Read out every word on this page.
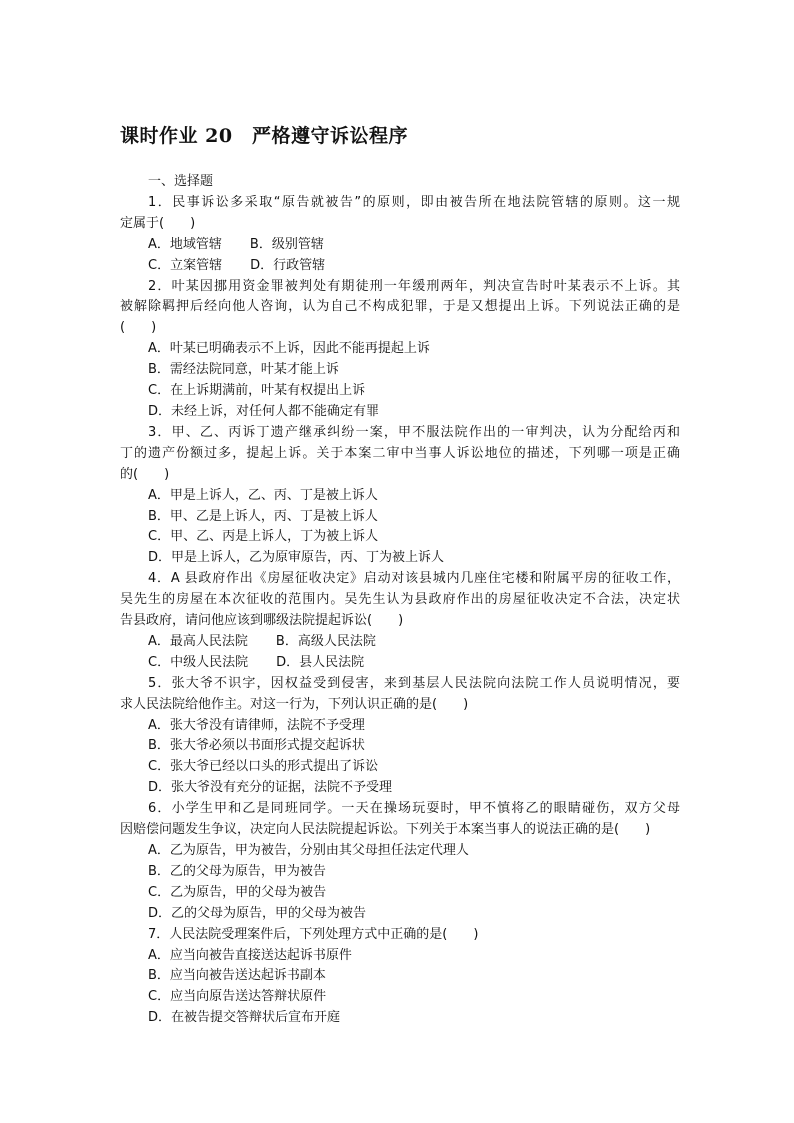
课时作业 20　严格遵守诉讼程序
一、选择题
1．民事诉讼多采取“原告就被告”的原则，即由被告所在地法院管辖的原则。这一规
定属于(　　)
A．地域管辖 B．级别管辖
C．立案管辖 D．行政管辖
2．叶某因挪用资金罪被判处有期徒刑一年缓刑两年，判决宣告时叶某表示不上诉。其
被解除羁押后经向他人咨询，认为自己不构成犯罪，于是又想提出上诉。下列说法正确的是
(　　)
A．叶某已明确表示不上诉，因此不能再提起上诉
B．需经法院同意，叶某才能上诉
C．在上诉期满前，叶某有权提出上诉
D．未经上诉，对任何人都不能确定有罪
3．甲、乙、丙诉丁遗产继承纠纷一案，甲不服法院作出的一审判决，认为分配给丙和
丁的遗产份额过多，提起上诉。关于本案二审中当事人诉讼地位的描述，下列哪一项是正确
的(　　)
A．甲是上诉人，乙、丙、丁是被上诉人
B．甲、乙是上诉人，丙、丁是被上诉人
C．甲、乙、丙是上诉人，丁为被上诉人
D．甲是上诉人，乙为原审原告，丙、丁为被上诉人
4．A 县政府作出《房屋征收决定》启动对该县城内几座住宅楼和附属平房的征收工作，
吴先生的房屋在本次征收的范围内。吴先生认为县政府作出的房屋征收决定不合法，决定状
告县政府，请问他应该到哪级法院提起诉讼(　　)
A．最高人民法院 B．高级人民法院
C．中级人民法院 D．县人民法院
5．张大爷不识字，因权益受到侵害，来到基层人民法院向法院工作人员说明情况，要
求人民法院给他作主。对这一行为，下列认识正确的是(　　)
A．张大爷没有请律师，法院不予受理
B．张大爷必须以书面形式提交起诉状
C．张大爷已经以口头的形式提出了诉讼
D．张大爷没有充分的证据，法院不予受理
6．小学生甲和乙是同班同学。一天在操场玩耍时，甲不慎将乙的眼睛碰伤，双方父母
因赔偿问题发生争议，决定向人民法院提起诉讼。下列关于本案当事人的说法正确的是(　　)
A．乙为原告，甲为被告，分别由其父母担任法定代理人
B．乙的父母为原告，甲为被告
C．乙为原告，甲的父母为被告
D．乙的父母为原告，甲的父母为被告
7．人民法院受理案件后，下列处理方式中正确的是(　　)
A．应当向被告直接送达起诉书原件
B．应当向被告送达起诉书副本
C．应当向原告送达答辩状原件
D．在被告提交答辩状后宣布开庭
